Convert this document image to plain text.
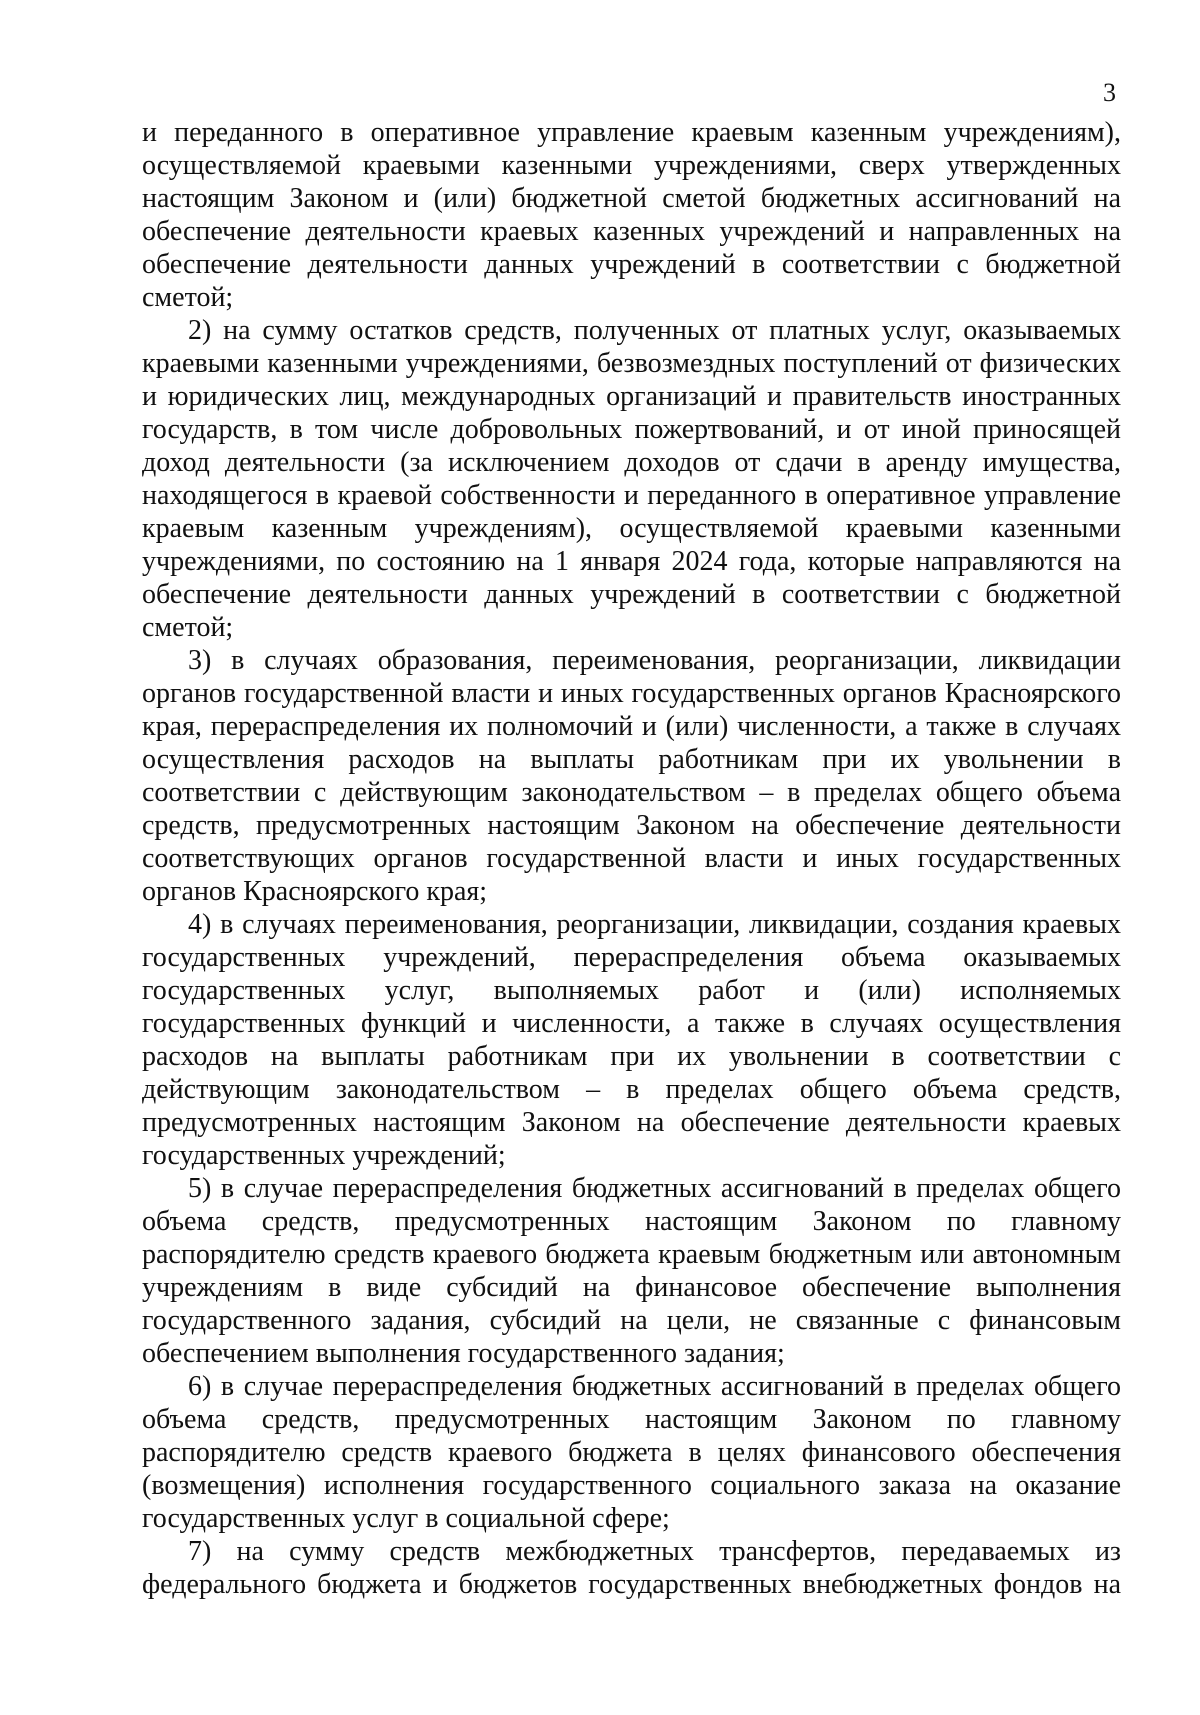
3

и переданного в оперативное управление краевым казенным учреждениям), осуществляемой краевыми казенными учреждениями, сверх утвержденных настоящим Законом и (или) бюджетной сметой бюджетных ассигнований на обеспечение деятельности краевых казенных учреждений и направленных на обеспечение деятельности данных учреждений в соответствии с бюджетной сметой;

2) на сумму остатков средств, полученных от платных услуг, оказываемых краевыми казенными учреждениями, безвозмездных поступлений от физических и юридических лиц, международных организаций и правительств иностранных государств, в том числе добровольных пожертвований, и от иной приносящей доход деятельности (за исключением доходов от сдачи в аренду имущества, находящегося в краевой собственности и переданного в оперативное управление краевым казенным учреждениям), осуществляемой краевыми казенными учреждениями, по состоянию на 1 января 2024 года, которые направляются на обеспечение деятельности данных учреждений в соответствии с бюджетной сметой;

3) в случаях образования, переименования, реорганизации, ликвидации органов государственной власти и иных государственных органов Красноярского края, перераспределения их полномочий и (или) численности, а также в случаях осуществления расходов на выплаты работникам при их увольнении в соответствии с действующим законодательством – в пределах общего объема средств, предусмотренных настоящим Законом на обеспечение деятельности соответствующих органов государственной власти и иных государственных органов Красноярского края;

4) в случаях переименования, реорганизации, ликвидации, создания краевых государственных учреждений, перераспределения объема оказываемых государственных услуг, выполняемых работ и (или) исполняемых государственных функций и численности, а также в случаях осуществления расходов на выплаты работникам при их увольнении в соответствии с действующим законодательством – в пределах общего объема средств, предусмотренных настоящим Законом на обеспечение деятельности краевых государственных учреждений;

5) в случае перераспределения бюджетных ассигнований в пределах общего объема средств, предусмотренных настоящим Законом по главному распорядителю средств краевого бюджета краевым бюджетным или автономным учреждениям в виде субсидий на финансовое обеспечение выполнения государственного задания, субсидий на цели, не связанные с финансовым обеспечением выполнения государственного задания;

6) в случае перераспределения бюджетных ассигнований в пределах общего объема средств, предусмотренных настоящим Законом по главному распорядителю средств краевого бюджета в целях финансового обеспечения (возмещения) исполнения государственного социального заказа на оказание государственных услуг в социальной сфере;

7) на сумму средств межбюджетных трансфертов, передаваемых из федерального бюджета и бюджетов государственных внебюджетных фондов на
